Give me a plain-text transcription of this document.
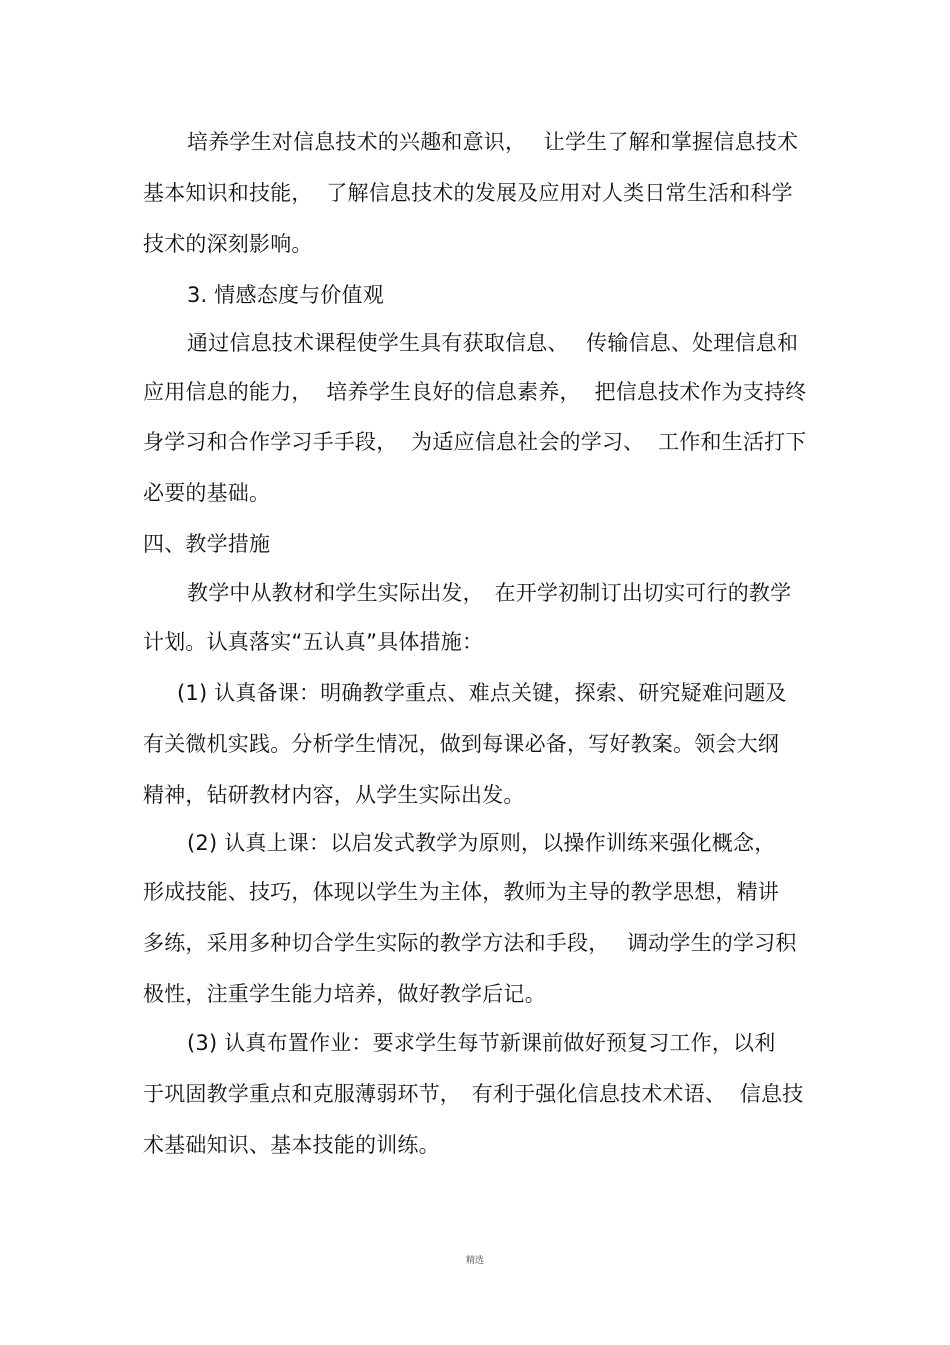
培养学生对信息技术的兴趣和意识，　 让学生了解和掌握信息技术
基本知识和技能，  了解信息技术的发展及应用对人类日常生活和科学
技术的深刻影响。
3. 情感态度与价值观
通过信息技术课程使学生具有获取信息、　 传输信息、处理信息和
应用信息的能力，  培养学生良好的信息素养，  把信息技术作为支持终
身学习和合作学习手手段，  为适应信息社会的学习、  工作和生活打下
必要的基础。
四、教学措施
教学中从教材和学生实际出发，　在开学初制订出切实可行的教学
计划。认真落实“五认真”具体措施：
(1) 认真备课：明确教学重点、难点关键，探索、研究疑难问题及
有关微机实践。分析学生情况，做到每课必备，写好教案。领会大纲
精神，钻研教材内容，从学生实际出发。
(2) 认真上课：以启发式教学为原则，以操作训练来强化概念，
形成技能、技巧，体现以学生为主体，教师为主导的教学思想，精讲
多练，采用多种切合学生实际的教学方法和手段，　 调动学生的学习积
极性，注重学生能力培养，做好教学后记。
(3) 认真布置作业：要求学生每节新课前做好预复习工作，以利
于巩固教学重点和克服薄弱环节，　有利于强化信息技术术语、  信息技
术基础知识、基本技能的训练。
精选
